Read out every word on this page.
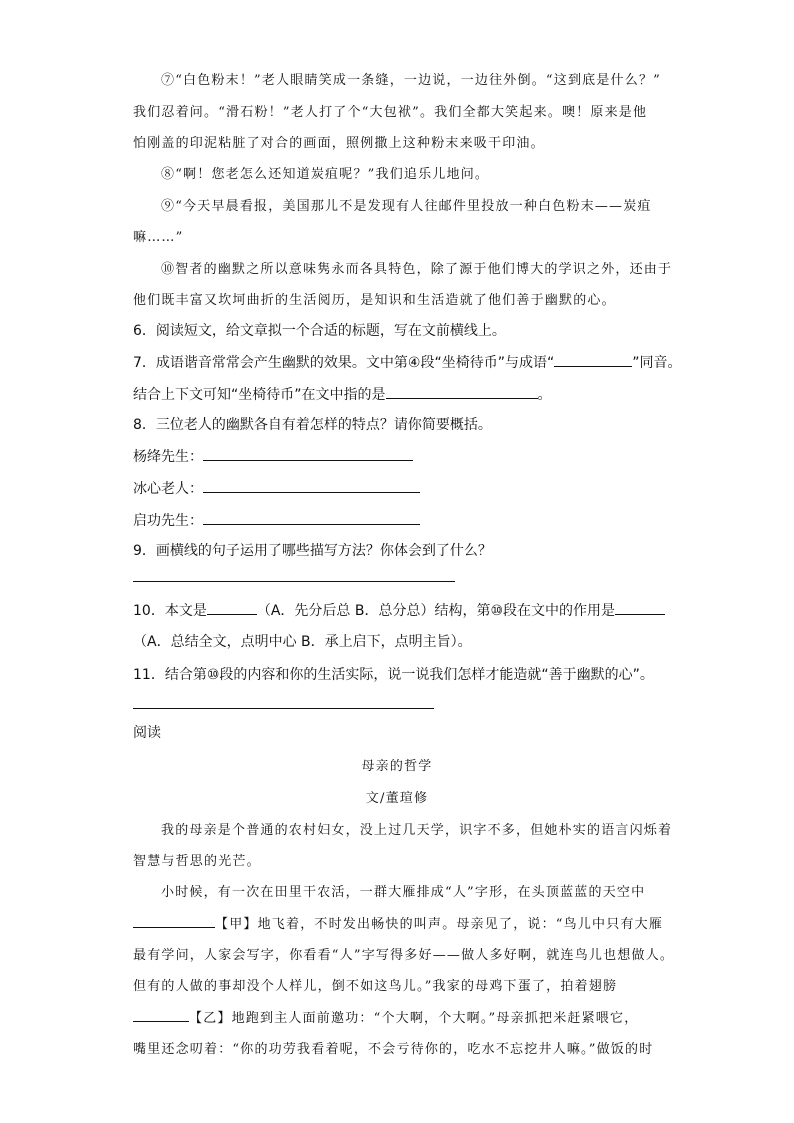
⑦“白色粉末！”老人眼睛笑成一条缝，一边说，一边往外倒。“这到底是什么？”
我们忍着问。“滑石粉！”老人打了个“大包袱”。我们全都大笑起来。噢！原来是他
怕刚盖的印泥粘脏了对合的画面，照例撒上这种粉末来吸干印油。
⑧“啊！您老怎么还知道炭疽呢？”我们追乐儿地问。
⑨“今天早晨看报，美国那儿不是发现有人往邮件里投放一种白色粉末——炭疽
嘛……”
⑩智者的幽默之所以意味隽永而各具特色，除了源于他们博大的学识之外，还由于
他们既丰富又坎坷曲折的生活阅历，是知识和生活造就了他们善于幽默的心。
6．阅读短文，给文章拟一个合适的标题，写在文前横线上。
7．成语谐音常常会产生幽默的效果。文中第④段“坐椅待币”与成语“	”同音。
结合上下文可知“坐椅待币”在文中指的是	。
8．三位老人的幽默各自有着怎样的特点？请你简要概括。
杨绛先生：
冰心老人：
启功先生：
9．画横线的句子运用了哪些描写方法？你体会到了什么？
10．本文是	（A．先分后总 B．总分总）结构，第⑩段在文中的作用是
（A．总结全文，点明中心 B．承上启下，点明主旨）。
11．结合第⑩段的内容和你的生活实际，说一说我们怎样才能造就“善于幽默的心”。
阅读
母亲的哲学
文/董瑄修
我的母亲是个普通的农村妇女，没上过几天学，识字不多，但她朴实的语言闪烁着
智慧与哲思的光芒。
小时候，有一次在田里干农活，一群大雁排成“人”字形，在头顶蓝蓝的天空中
【甲】地飞着，不时发出畅快的叫声。母亲见了，说：“鸟儿中只有大雁
最有学问，人家会写字，你看看“人”字写得多好——做人多好啊，就连鸟儿也想做人。
但有的人做的事却没个人样儿，倒不如这鸟儿。”我家的母鸡下蛋了，拍着翅膀
【乙】地跑到主人面前邀功：“个大啊，个大啊。”母亲抓把米赶紧喂它，
嘴里还念叨着：“你的功劳我看着呢，不会亏待你的，吃水不忘挖井人嘛。”做饭的时
